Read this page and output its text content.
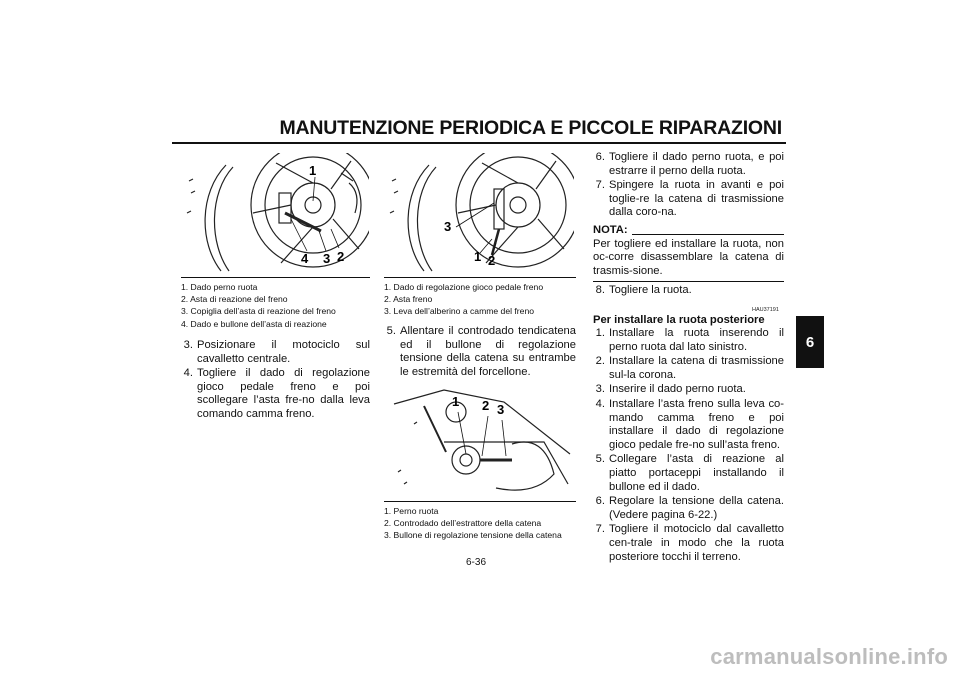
MANUTENZIONE PERIODICA E PICCOLE RIPARAZIONI
6
1
4 3 2
1. Dado perno ruota
2. Asta di reazione del freno
3. Copiglia dell’asta di reazione del freno
4. Dado e bullone dell’asta di reazione
3. Posizionare il motociclo sul cavalletto centrale.
4. Togliere il dado di regolazione gioco pedale freno e poi scollegare l’asta fre-no dalla leva comando camma freno.
3
1 2
1. Dado di regolazione gioco pedale freno
2. Asta freno
3. Leva dell’alberino a camme del freno
5. Allentare il controdado tendicatena ed il bullone di regolazione tensione della catena su entrambe le estremità del forcellone.
1 2 3
1. Perno ruota
2. Controdado dell’estrattore della catena
3. Bullone di regolazione tensione della catena
6. Togliere il dado perno ruota, e poi estrarre il perno della ruota.
7. Spingere la ruota in avanti e poi toglie-re la catena di trasmissione dalla coro-na.
NOTA:
Per togliere ed installare la ruota, non oc-corre disassemblare la catena di trasmis-sione.
8. Togliere la ruota.
HAU37191
Per installare la ruota posteriore
1. Installare la ruota inserendo il perno ruota dal lato sinistro.
2. Installare la catena di trasmissione sul-la corona.
3. Inserire il dado perno ruota.
4. Installare l’asta freno sulla leva co-mando camma freno e poi installare il dado di regolazione gioco pedale fre-no sull’asta freno.
5. Collegare l’asta di reazione al piatto portaceppi installando il bullone ed il dado.
6. Regolare la tensione della catena. (Vedere pagina 6-22.)
7. Togliere il motociclo dal cavalletto cen-trale in modo che la ruota posteriore tocchi il terreno.
6-36
carmanualsonline.info
